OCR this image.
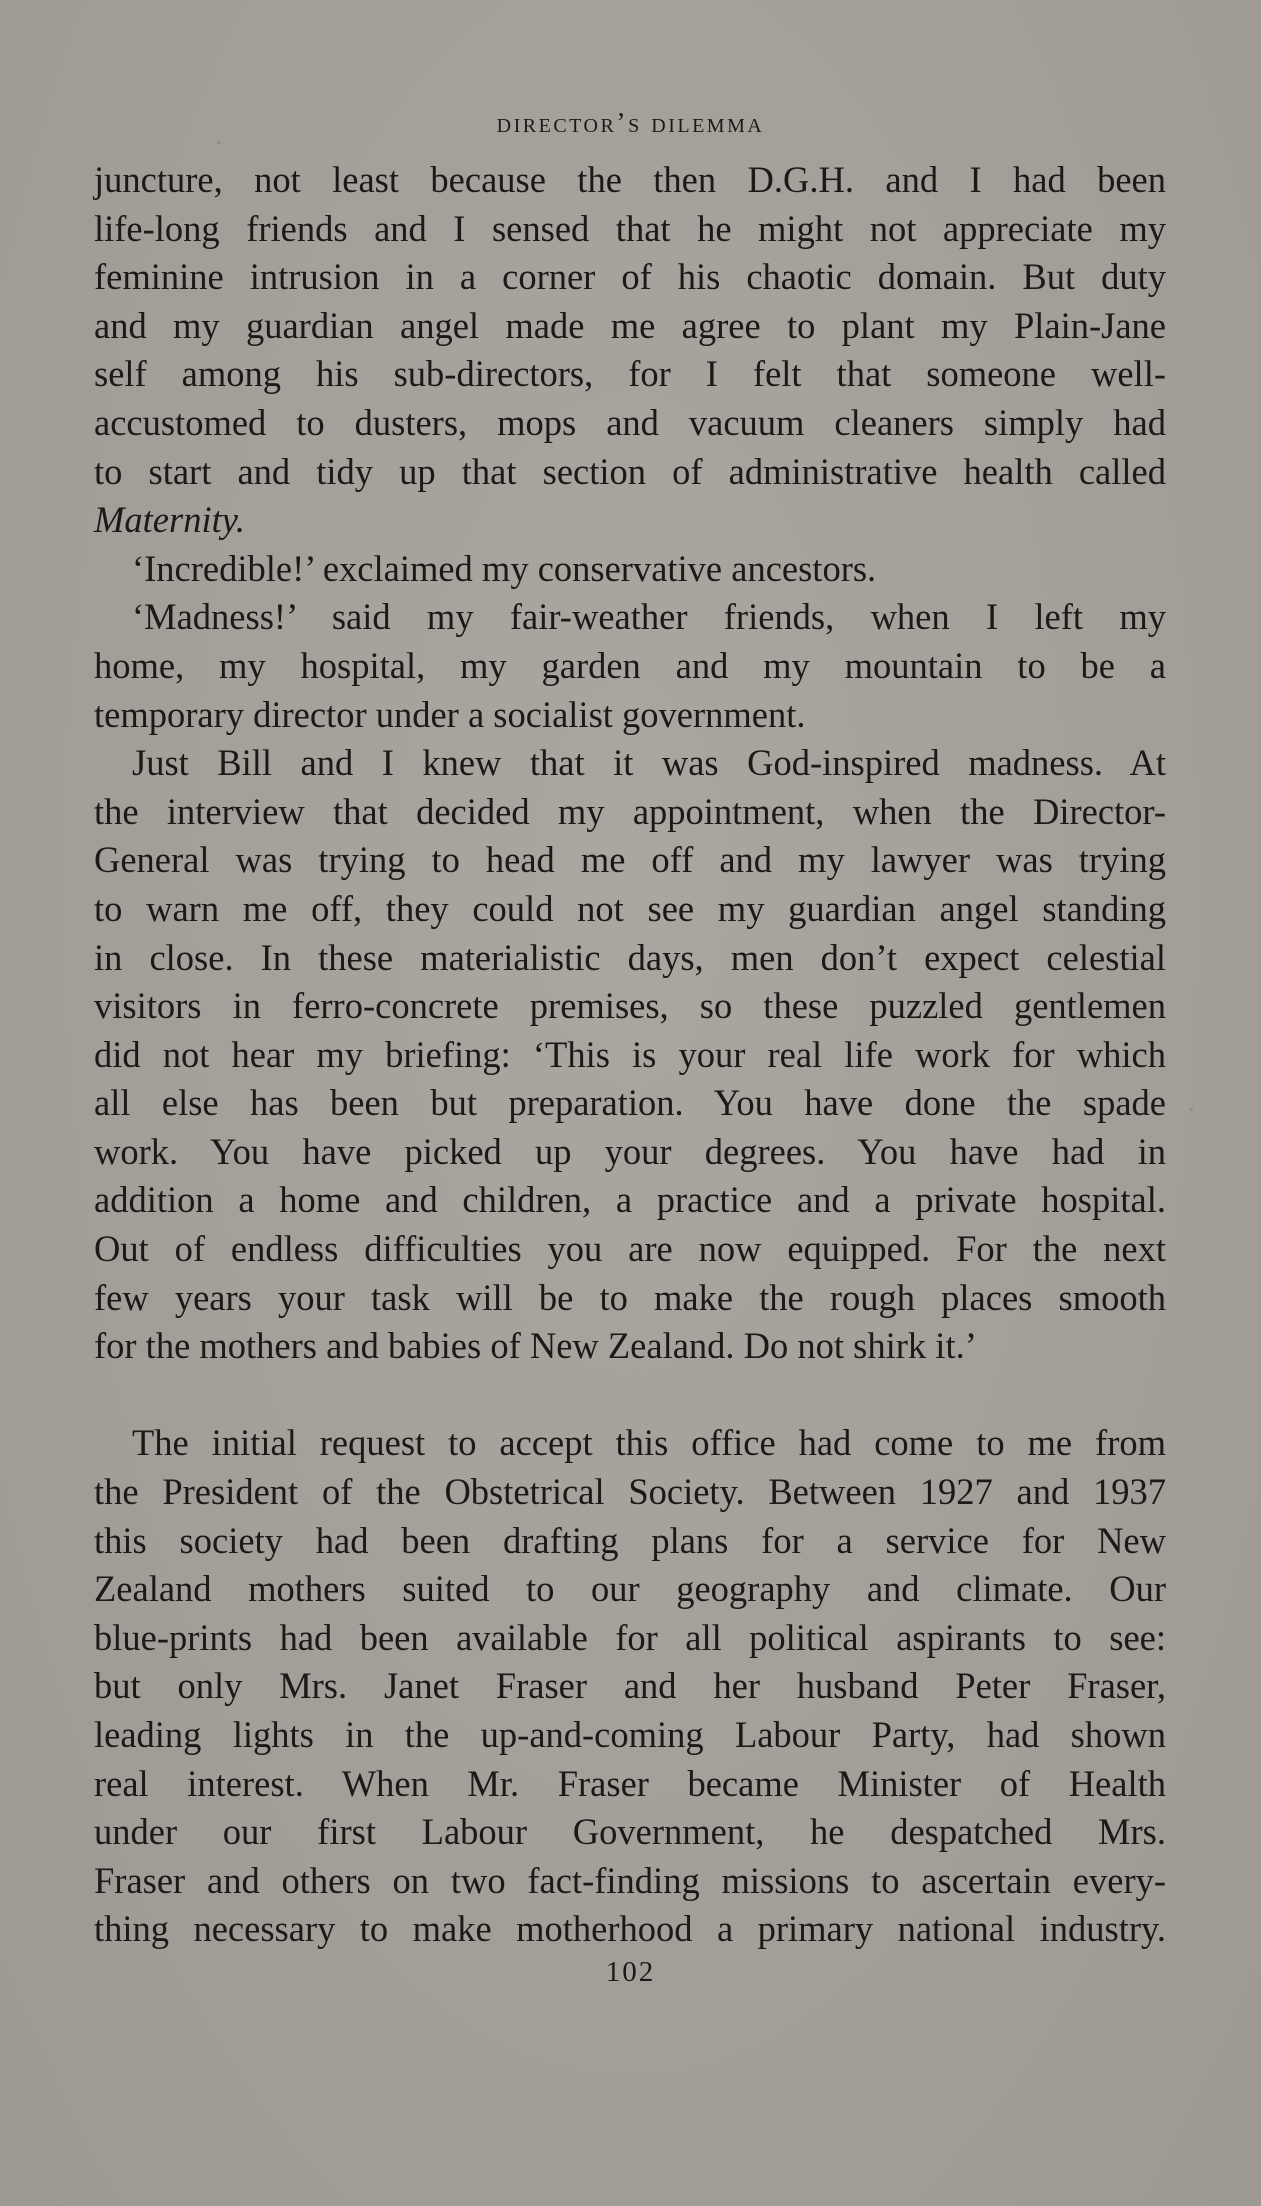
director’s dilemma
juncture, not least because the then D.G.H. and I had been
life-long friends and I sensed that he might not appreciate my
feminine intrusion in a corner of his chaotic domain. But duty
and my guardian angel made me agree to plant my Plain-Jane
self among his sub-directors, for I felt that someone well-
accustomed to dusters, mops and vacuum cleaners simply had
to start and tidy up that section of administrative health called
Maternity.
‘Incredible!’ exclaimed my conservative ancestors.
‘Madness!’ said my fair-weather friends, when I left my
home, my hospital, my garden and my mountain to be a
temporary director under a socialist government.
Just Bill and I knew that it was God-inspired madness. At
the interview that decided my appointment, when the Director-
General was trying to head me off and my lawyer was trying
to warn me off, they could not see my guardian angel standing
in close. In these materialistic days, men don’t expect celestial
visitors in ferro-concrete premises, so these puzzled gentlemen
did not hear my briefing: ‘This is your real life work for which
all else has been but preparation. You have done the spade
work. You have picked up your degrees. You have had in
addition a home and children, a practice and a private hospital.
Out of endless difficulties you are now equipped. For the next
few years your task will be to make the rough places smooth
for the mothers and babies of New Zealand. Do not shirk it.’
The initial request to accept this office had come to me from
the President of the Obstetrical Society. Between 1927 and 1937
this society had been drafting plans for a service for New
Zealand mothers suited to our geography and climate. Our
blue-prints had been available for all political aspirants to see:
but only Mrs. Janet Fraser and her husband Peter Fraser,
leading lights in the up-and-coming Labour Party, had shown
real interest. When Mr. Fraser became Minister of Health
under our first Labour Government, he despatched Mrs.
Fraser and others on two fact-finding missions to ascertain every-
thing necessary to make motherhood a primary national industry.
102
